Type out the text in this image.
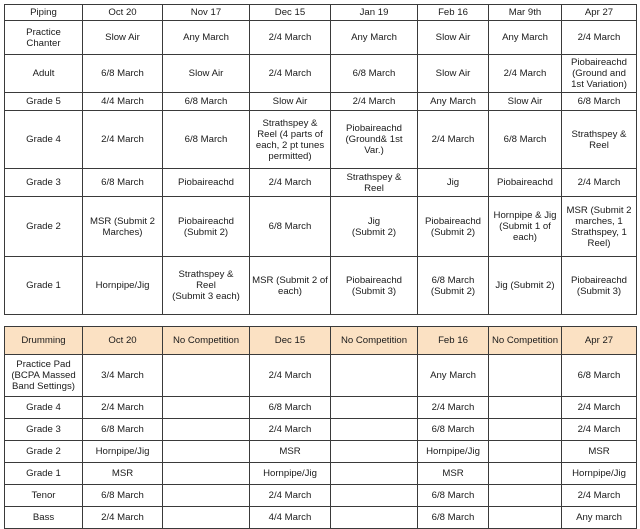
Piping	Oct 20	Nov 17	Dec 15	Jan 19	Feb 16	Mar 9th	Apr 27

Practice
Chanter	Slow Air	Any March	2/4 March	Any March	Slow Air	Any March	2/4 March

Adult	6/8 March	Slow Air	2/4 March	6/8 March	Slow Air	2/4 March	Piobaireachd
(Ground and
1st Variation)

Grade 5	4/4 March	6/8 March	Slow Air	2/4 March	Any March	Slow Air	6/8 March

Grade 4	2/4 March	6/8 March	Strathspey &
Reel (4 parts of
each, 2 pt tunes
permitted)	Piobaireachd
(Ground& 1st
Var.)	2/4 March	6/8 March	Strathspey &
Reel

Grade 3	6/8 March	Piobaireachd	2/4 March	Strathspey &
Reel	Jig	Piobaireachd	2/4 March

Grade 2	MSR (Submit 2
Marches)	Piobaireachd
(Submit 2)	6/8 March	Jig
(Submit 2)	Piobaireachd
(Submit 2)	Hornpipe & Jig
(Submit 1 of
each)	MSR (Submit 2
marches, 1
Strathspey, 1
Reel)

Grade 1	Hornpipe/Jig	Strathspey &
Reel
(Submit 3 each)	MSR (Submit 2 of
each)	Piobaireachd
(Submit 3)	6/8 March
(Submit 2)	Jig (Submit 2)	Piobaireachd
(Submit 3)

Drumming	Oct 20	No Competition	Dec 15	No Competition	Feb 16	No Competition	Apr 27

Practice Pad
(BCPA Massed
Band Settings)	3/4 March		2/4 March		Any March		6/8 March

Grade 4	2/4 March		6/8 March		2/4 March		2/4 March

Grade 3	6/8 March		2/4 March		6/8 March		2/4 March

Grade 2	Hornpipe/Jig		MSR		Hornpipe/Jig		MSR

Grade 1	MSR		Hornpipe/Jig		MSR		Hornpipe/Jig

Tenor	6/8 March		2/4 March		6/8 March		2/4 March

Bass	2/4 March		4/4 March		6/8 March		Any march
